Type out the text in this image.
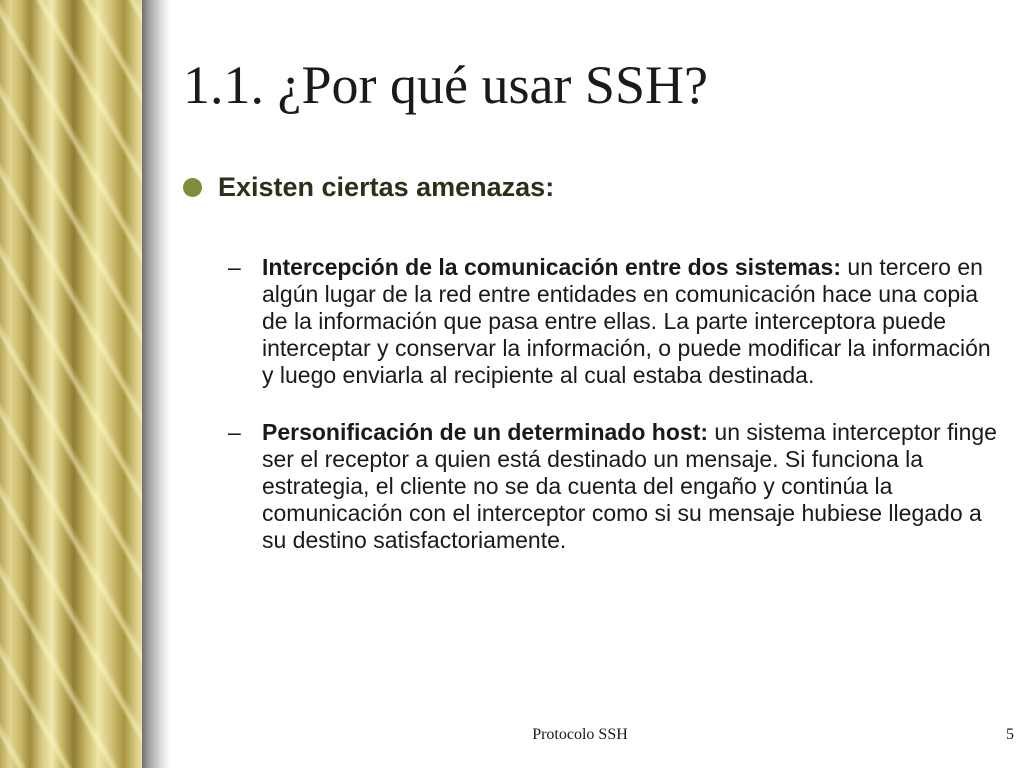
1.1. ¿Por qué usar SSH?
Existen ciertas amenazas:
– Intercepción de la comunicación entre dos sistemas: un tercero en algún lugar de la red entre entidades en comunicación hace una copia de la información que pasa entre ellas. La parte interceptora puede interceptar y conservar la información, o puede modificar la información y luego enviarla al recipiente al cual estaba destinada.
– Personificación de un determinado host: un sistema interceptor finge ser el receptor a quien está destinado un mensaje. Si funciona la estrategia, el cliente no se da cuenta del engaño y continúa la comunicación con el interceptor como si su mensaje hubiese llegado a su destino satisfactoriamente.
Protocolo SSH	5
